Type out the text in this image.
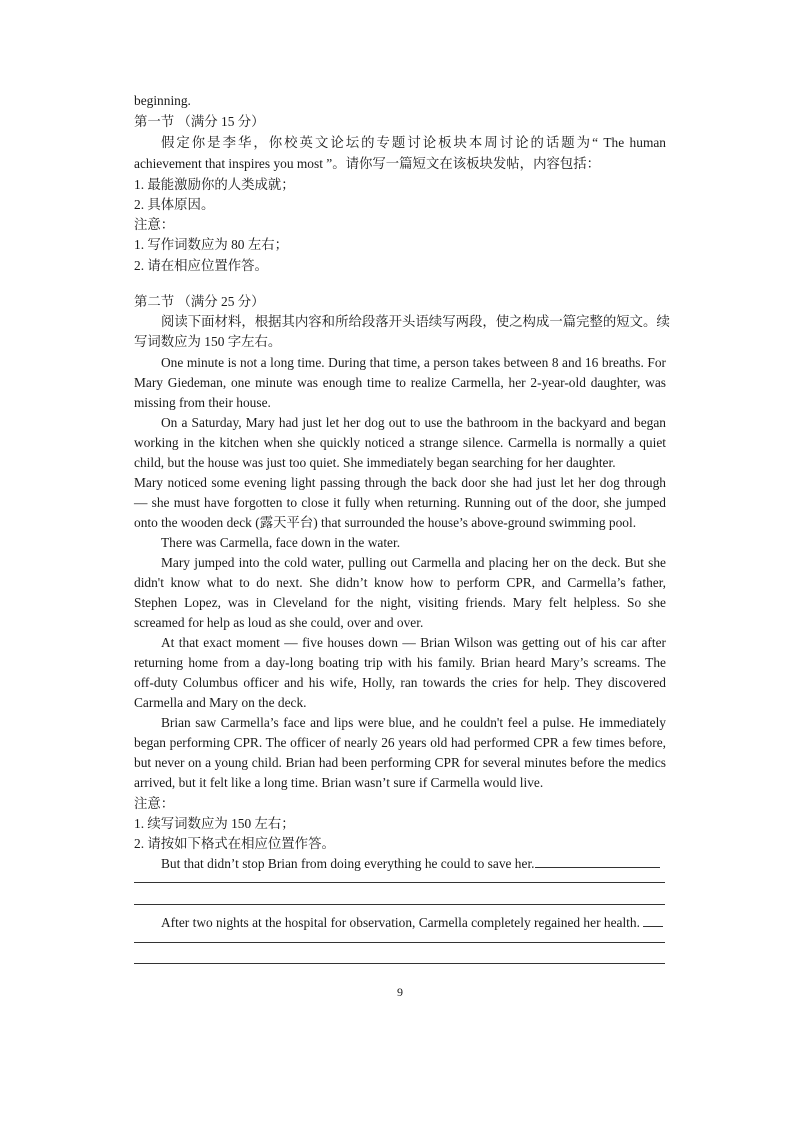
beginning.
第一节 （满分 15 分）
假定你是李华，你校英文论坛的专题讨论板块本周讨论的话题为“ The human
achievement that inspires you most ”。请你写一篇短文在该板块发帖，内容包括：
1. 最能激励你的人类成就；
2. 具体原因。
注意：
1. 写作词数应为 80 左右；
2. 请在相应位置作答。
第二节 （满分 25 分）
阅读下面材料，根据其内容和所给段落开头语续写两段，使之构成一篇完整的短文。续
写词数应为 150 字左右。
One minute is not a long time. During that time, a person takes between 8 and 16 breaths. For
Mary Giedeman, one minute was enough time to realize Carmella, her 2-year-old daughter, was
missing from their house.
On a Saturday, Mary had just let her dog out to use the bathroom in the backyard and began
working in the kitchen when she quickly noticed a strange silence. Carmella is normally a quiet
child, but the house was just too quiet. She immediately began searching for her daughter.
Mary noticed some evening light passing through the back door she had just let her dog through
— she must have forgotten to close it fully when returning. Running out of the door, she jumped
onto the wooden deck (露天平台) that surrounded the house’s above-ground swimming pool.
There was Carmella, face down in the water.
Mary jumped into the cold water, pulling out Carmella and placing her on the deck. But she
didn't know what to do next. She didn’t know how to perform CPR, and Carmella’s father,
Stephen Lopez, was in Cleveland for the night, visiting friends. Mary felt helpless. So she
screamed for help as loud as she could, over and over.
At that exact moment — five houses down — Brian Wilson was getting out of his car after
returning home from a day-long boating trip with his family. Brian heard Mary’s screams. The
off-duty Columbus officer and his wife, Holly, ran towards the cries for help. They discovered
Carmella and Mary on the deck.
Brian saw Carmella’s face and lips were blue, and he couldn't feel a pulse. He immediately
began performing CPR. The officer of nearly 26 years old had performed CPR a few times before,
but never on a young child. Brian had been performing CPR for several minutes before the medics
arrived, but it felt like a long time. Brian wasn’t sure if Carmella would live.
注意：
1. 续写词数应为 150 左右；
2. 请按如下格式在相应位置作答。
But that didn’t stop Brian from doing everything he could to save her.
After two nights at the hospital for observation, Carmella completely regained her health.
9
